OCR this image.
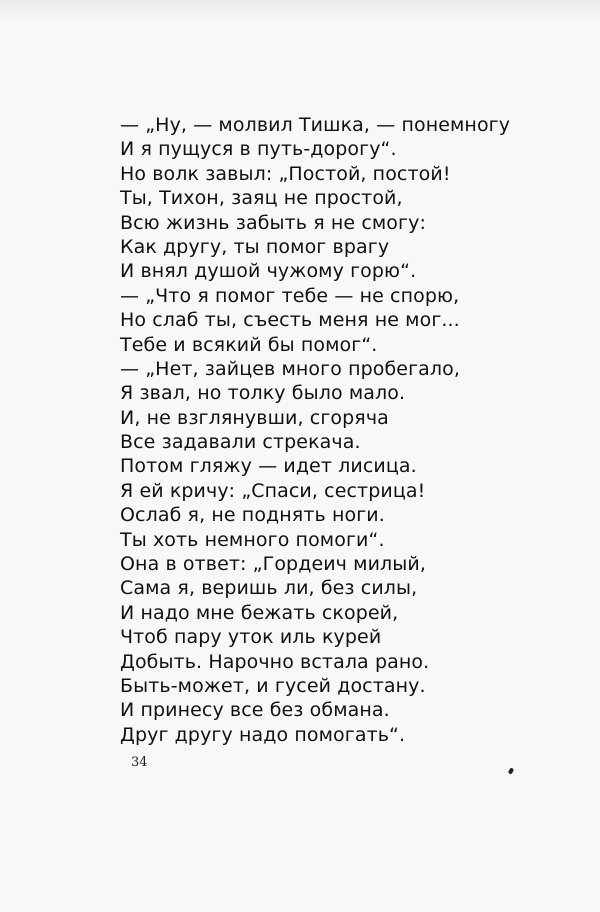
— „Ну, — молвил Тишка, — понемногу
И я пущуся в путь-дорогу“.
Но волк завыл: „Постой, постой!
Ты, Тихон, заяц не простой,
Всю жизнь забыть я не смогу:
Как другу, ты помог врагу
И внял душой чужому горю“.
— „Что я помог тебе — не спорю,
Но слаб ты, съесть меня не мог...
Тебе и всякий бы помог“.
— „Нет, зайцев много пробегало,
Я звал, но толку было мало.
И, не взглянувши, сгоряча
Все задавали стрекача.
Потом гляжу — идет лисица.
Я ей кричу: „Спаси, сестрица!
Ослаб я, не поднять ноги.
Ты хоть немного помоги“.
Она в ответ: „Гордеич милый,
Сама я, веришь ли, без силы,
И надо мне бежать скорей,
Чтоб пару уток иль курей
Добыть. Нарочно встала рано.
Быть-может, и гусей достану.
И принесу все без обмана.
Друг другу надо помогать“.
34
